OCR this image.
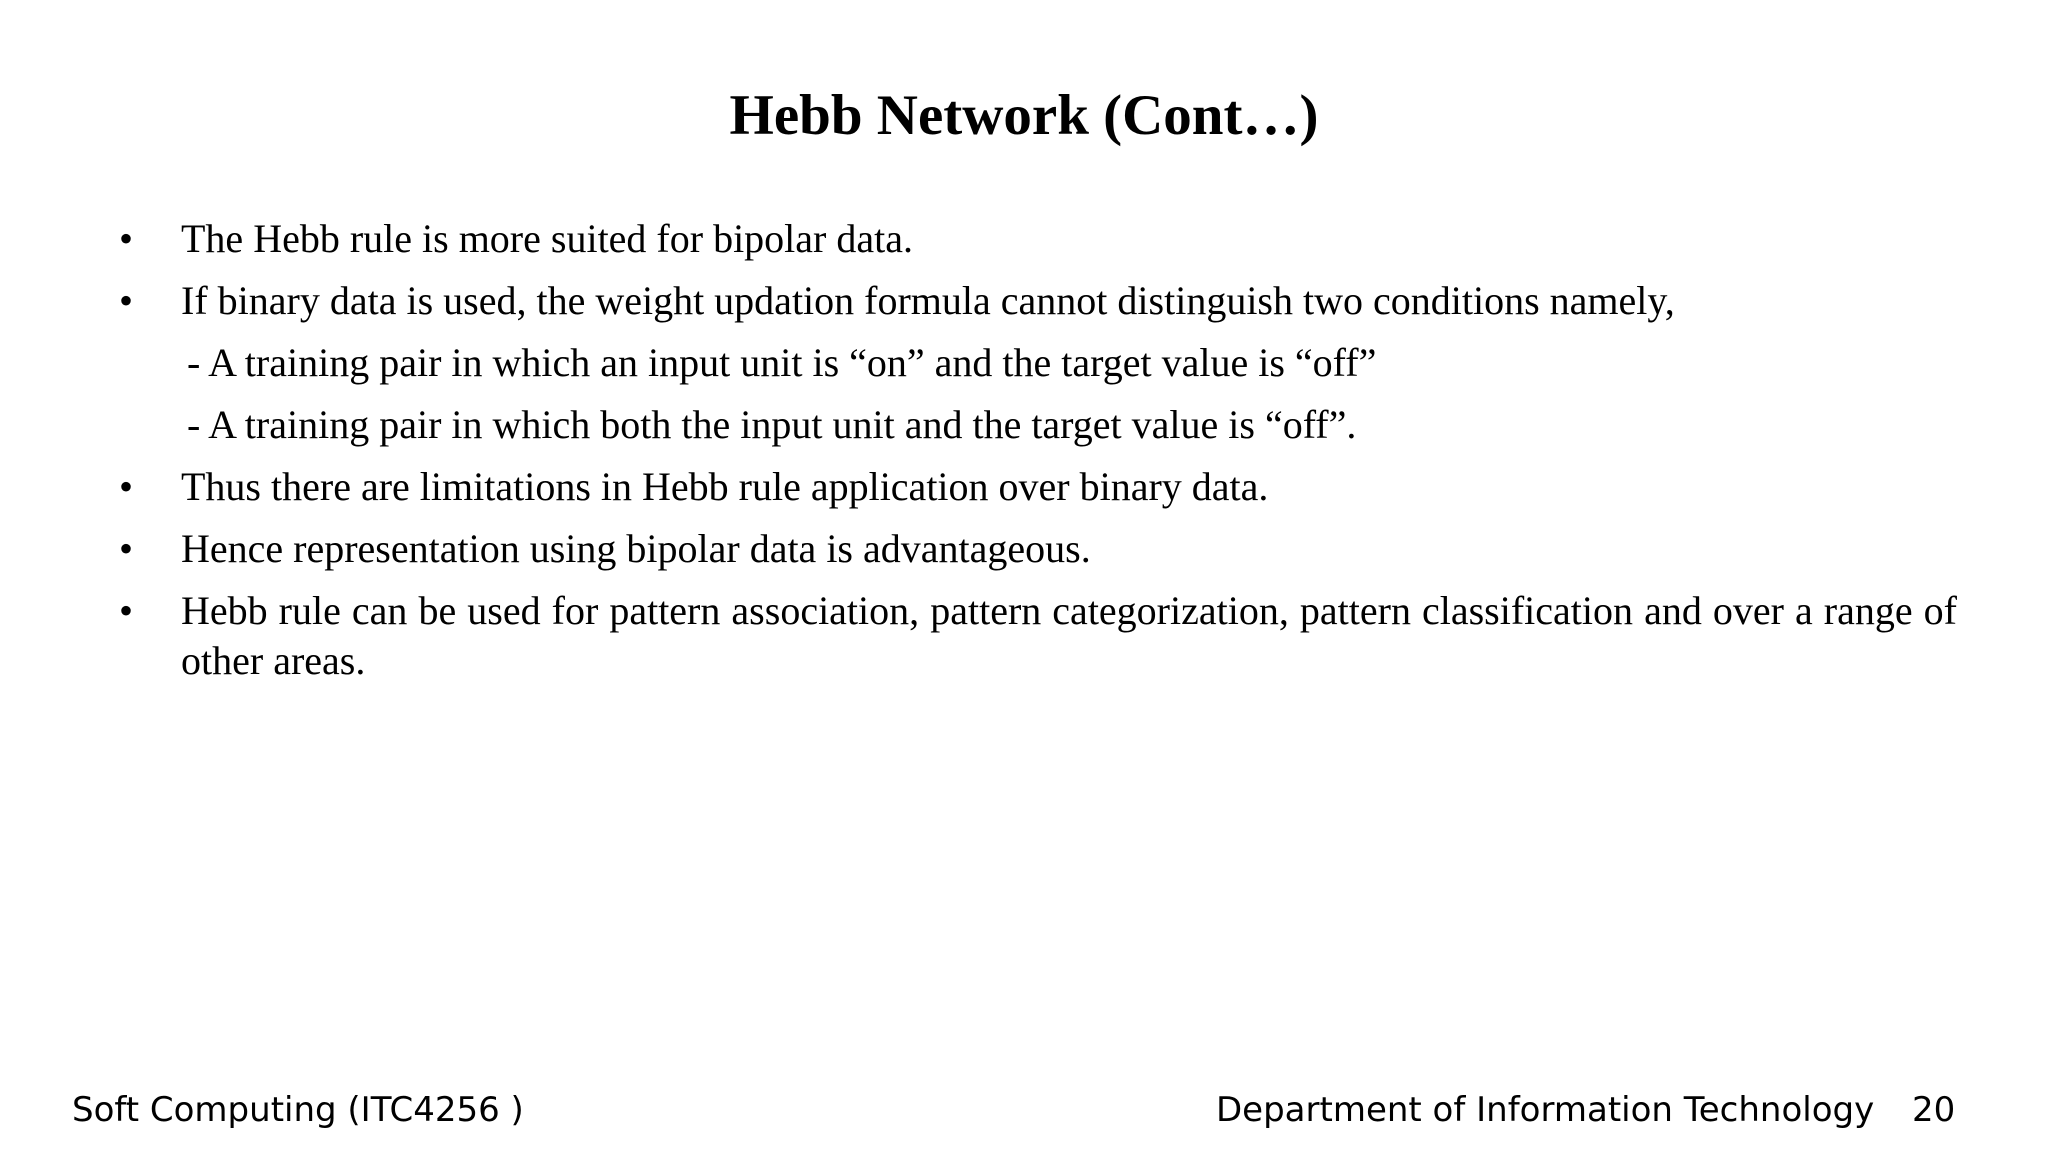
Hebb Network (Cont…)
• The Hebb rule is more suited for bipolar data.
• If binary data is used, the weight updation formula cannot distinguish two conditions namely,
- A training pair in which an input unit is “on” and the target value is “off”
- A training pair in which both the input unit and the target value is “off”.
• Thus there are limitations in Hebb rule application over binary data.
• Hence representation using bipolar data is advantageous.
• Hebb rule can be used for pattern association, pattern categorization, pattern classification and over a range of other areas.
Soft Computing (ITC4256 )	Department of Information Technology 20
